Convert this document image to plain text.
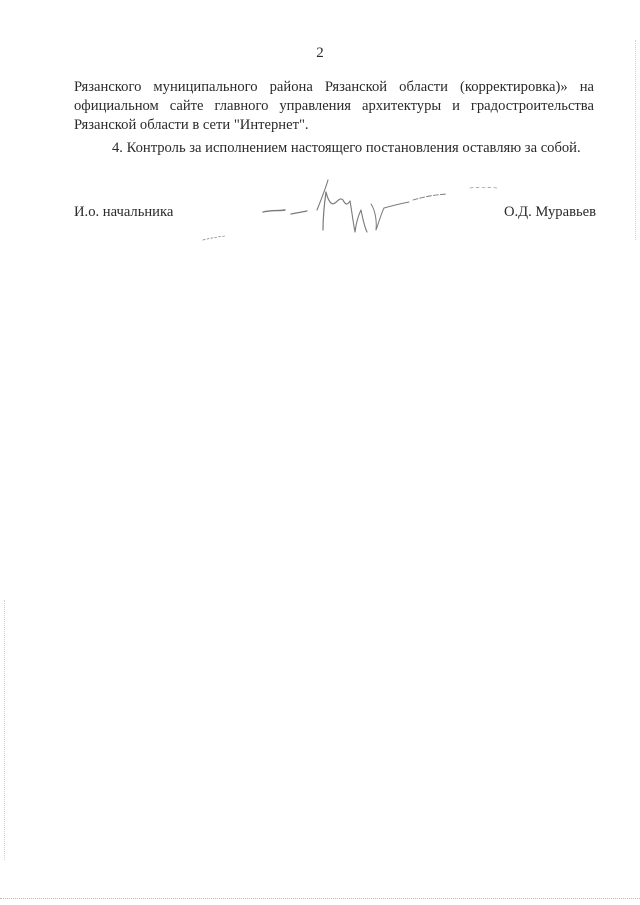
2
Рязанского муниципального района Рязанской области (корректировка)» на
официальном сайте главного управления архитектуры и градостроительства
Рязанской области в сети "Интернет".
4. Контроль за исполнением настоящего постановления оставляю за собой.
И.о. начальника	О.Д. Муравьев
